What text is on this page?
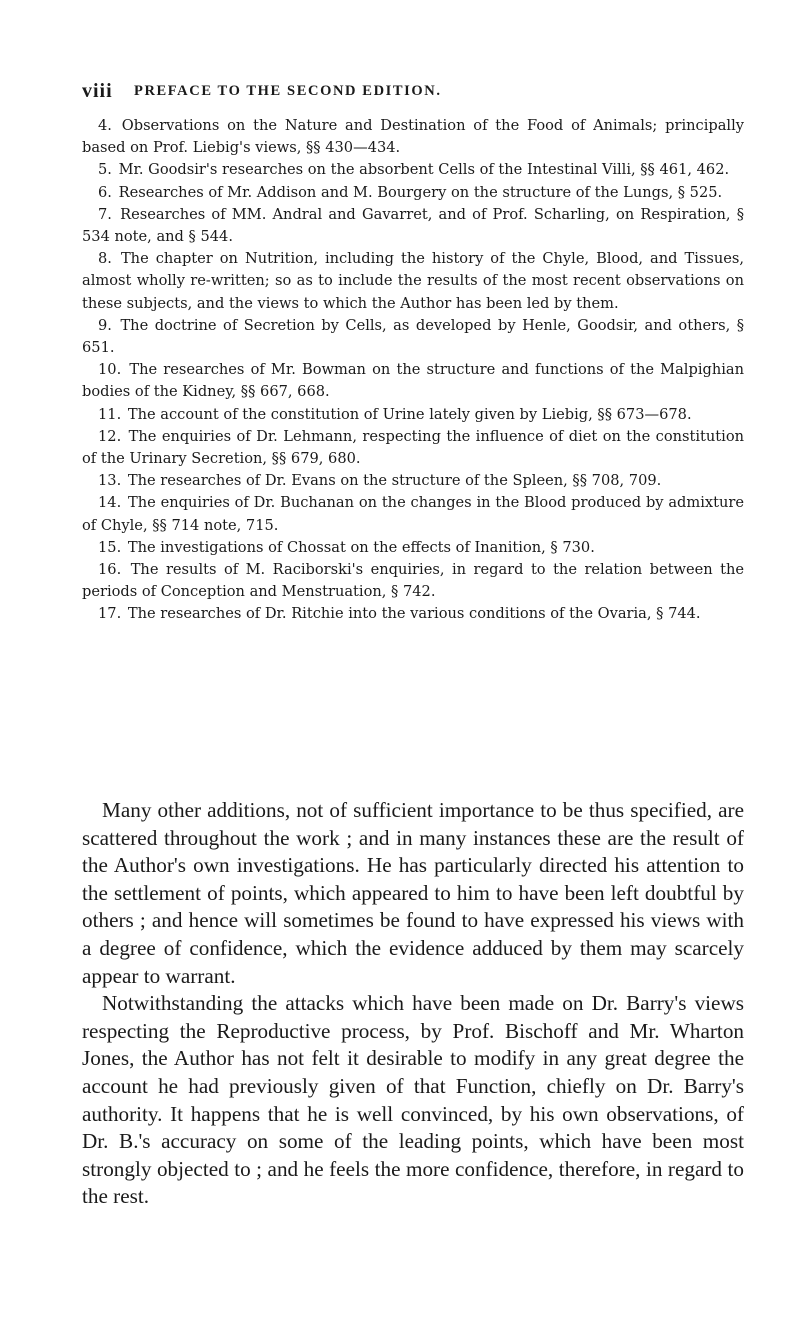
viii PREFACE TO THE SECOND EDITION.

4. Observations on the Nature and Destination of the Food of Animals; principally based on Prof. Liebig's views, §§ 430—434.

5. Mr. Goodsir's researches on the absorbent Cells of the Intestinal Villi, §§ 461, 462.

6. Researches of Mr. Addison and M. Bourgery on the structure of the Lungs, § 525.

7. Researches of MM. Andral and Gavarret, and of Prof. Scharling, on Respiration, § 534 note, and § 544.

8. The chapter on Nutrition, including the history of the Chyle, Blood, and Tissues, almost wholly re-written; so as to include the results of the most recent observations on these subjects, and the views to which the Author has been led by them.

9. The doctrine of Secretion by Cells, as developed by Henle, Goodsir, and others, § 651.

10. The researches of Mr. Bowman on the structure and functions of the Malpighian bodies of the Kidney, §§ 667, 668.

11. The account of the constitution of Urine lately given by Liebig, §§ 673—678.

12. The enquiries of Dr. Lehmann, respecting the influence of diet on the constitution of the Urinary Secretion, §§ 679, 680.

13. The researches of Dr. Evans on the structure of the Spleen, §§ 708, 709.

14. The enquiries of Dr. Buchanan on the changes in the Blood produced by admixture of Chyle, §§ 714 note, 715.

15. The investigations of Chossat on the effects of Inanition, § 730.

16. The results of M. Raciborski's enquiries, in regard to the relation between the periods of Conception and Menstruation, § 742.

17. The researches of Dr. Ritchie into the various conditions of the Ovaria, § 744.

Many other additions, not of sufficient importance to be thus specified, are scattered throughout the work ; and in many instances these are the result of the Author's own investigations. He has particularly directed his attention to the settlement of points, which appeared to him to have been left doubtful by others ; and hence will sometimes be found to have expressed his views with a degree of confidence, which the evidence adduced by them may scarcely appear to warrant.

Notwithstanding the attacks which have been made on Dr. Barry's views respecting the Reproductive process, by Prof. Bischoff and Mr. Wharton Jones, the Author has not felt it desirable to modify in any great degree the account he had previously given of that Function, chiefly on Dr. Barry's authority. It happens that he is well convinced, by his own observations, of Dr. B.'s accuracy on some of the leading points, which have been most strongly objected to ; and he feels the more confidence, therefore, in regard to the rest.
